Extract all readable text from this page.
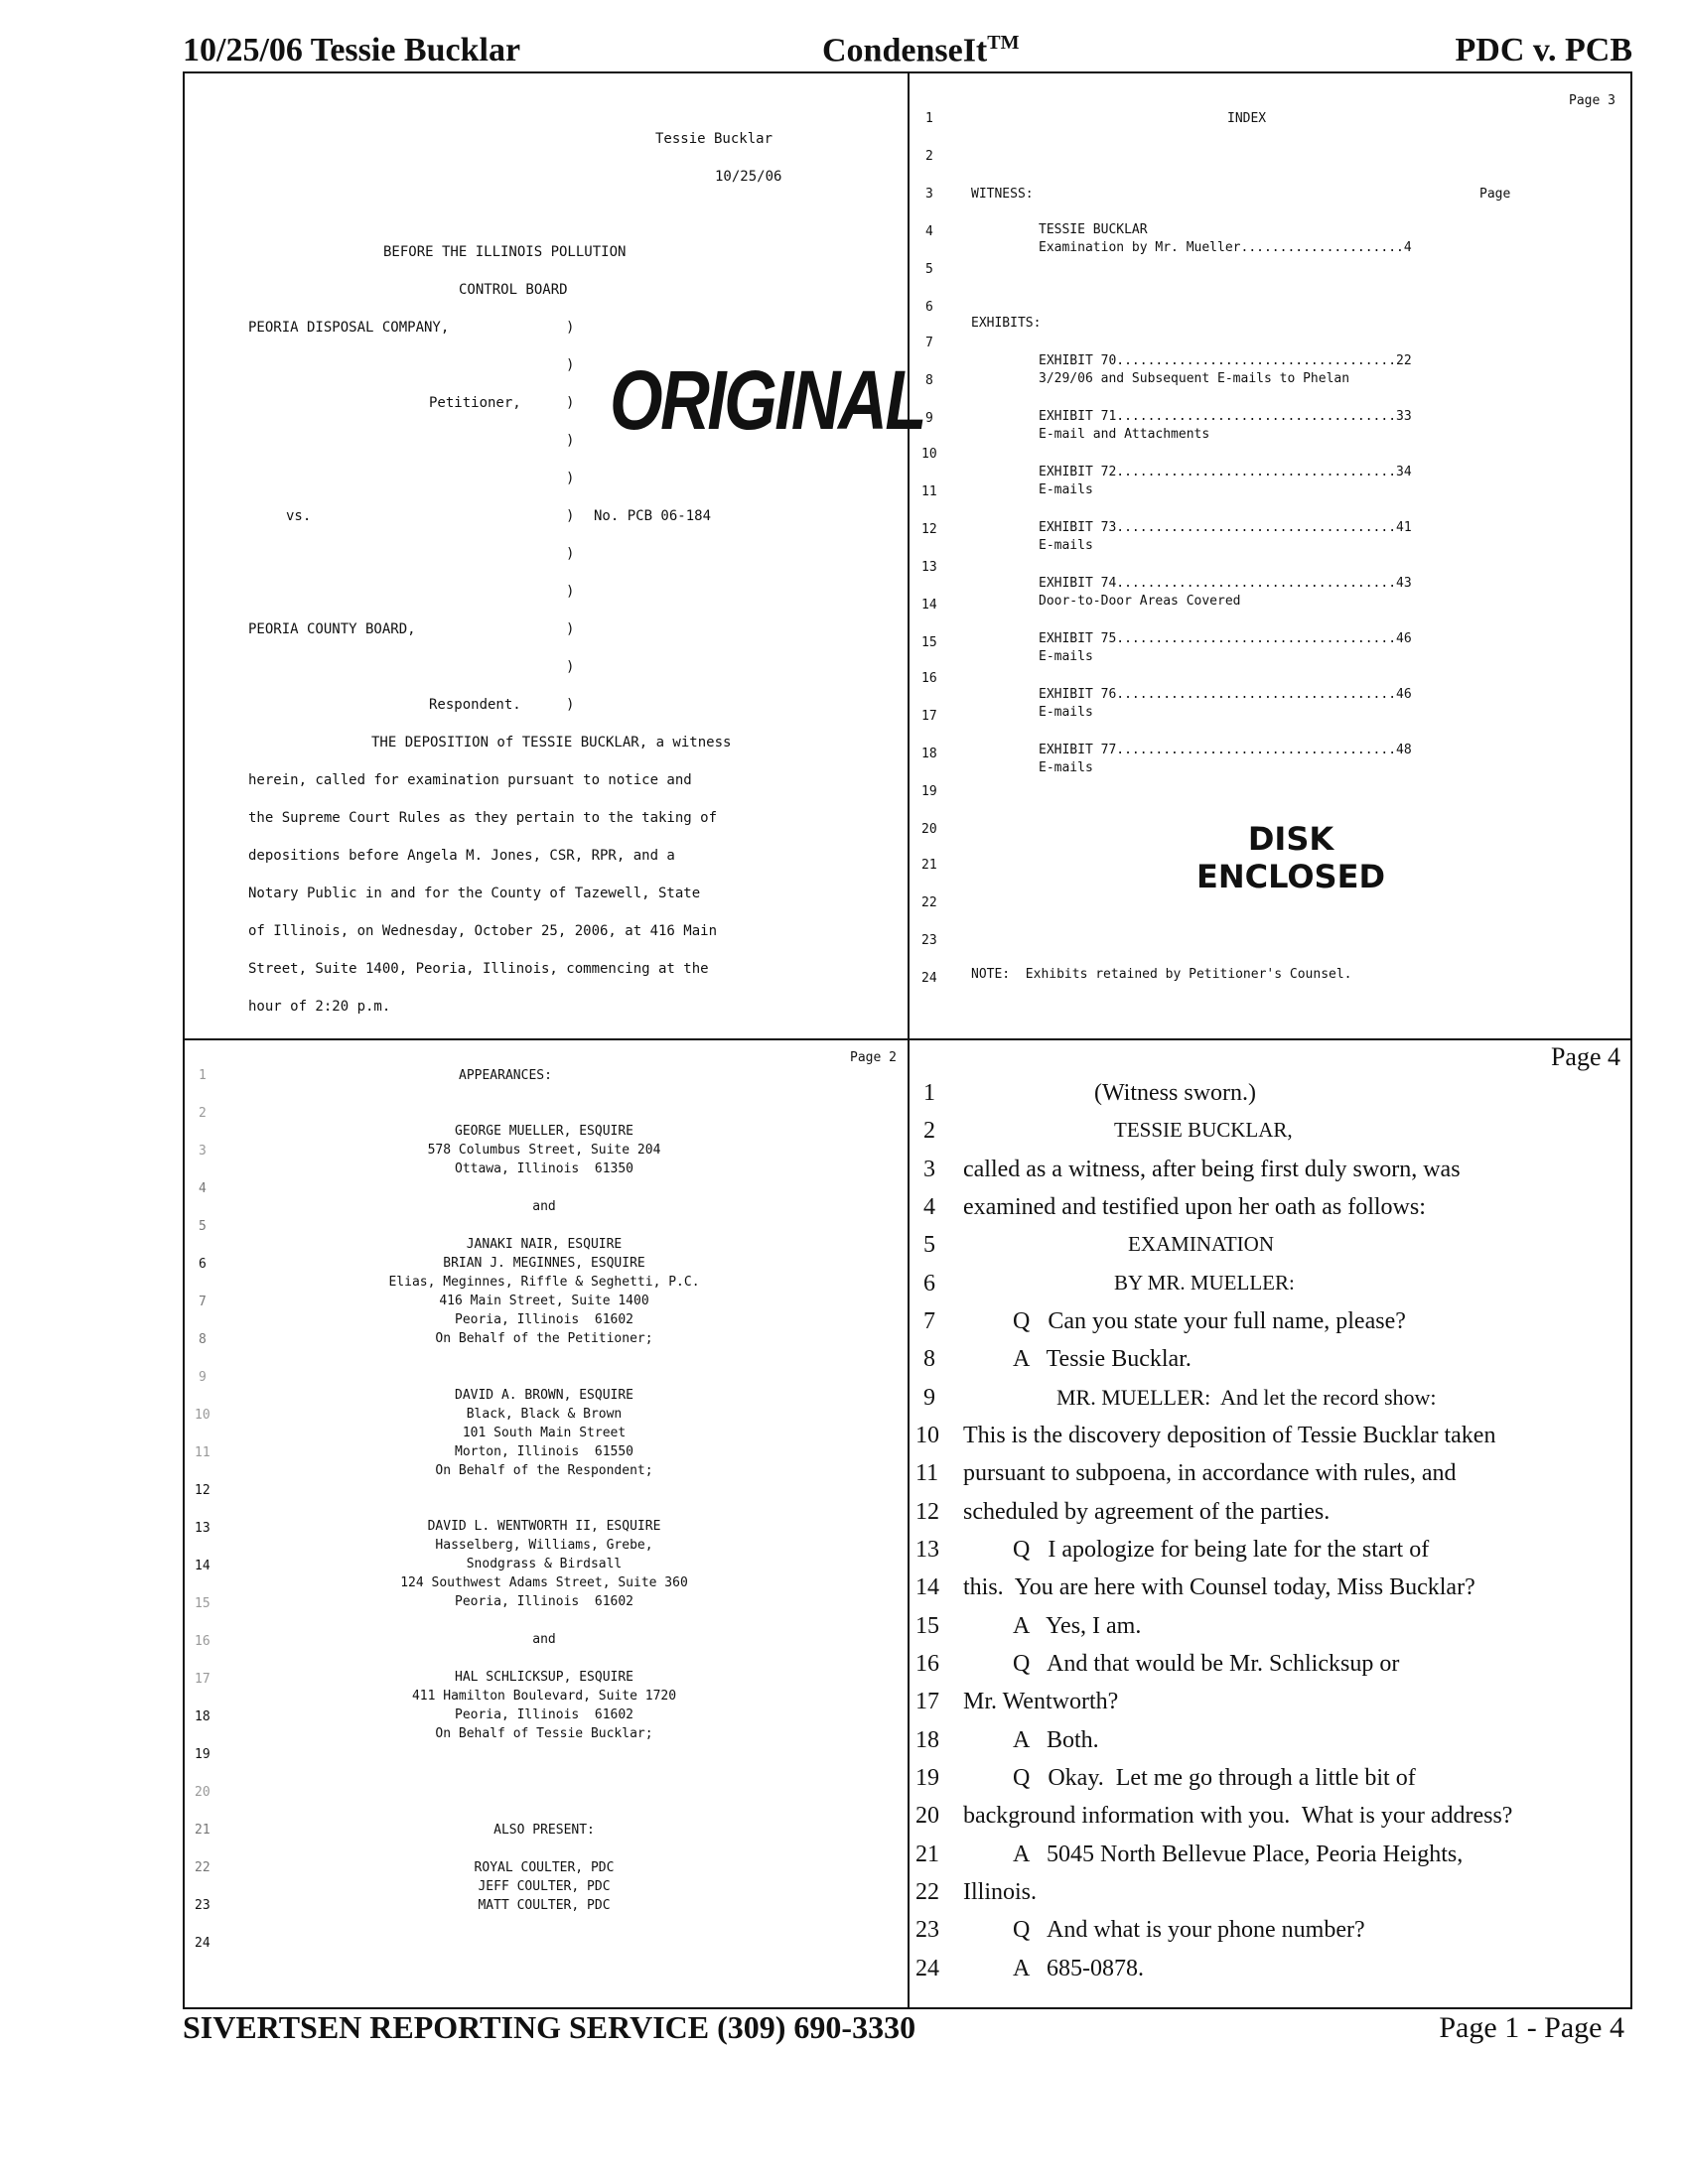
10/25/06 Tessie Bucklar	CondenseIt™	PDC v. PCB
Tessie Bucklar
10/25/06
BEFORE THE ILLINOIS POLLUTION
CONTROL BOARD
PEORIA DISPOSAL COMPANY,
Petitioner,
vs.	No. PCB 06-184
PEORIA COUNTY BOARD,
Respondent.
)
)
)
)
)
)
)
)
)
)
)
ORIGINAL
THE DEPOSITION of TESSIE BUCKLAR, a witness
herein, called for examination pursuant to notice and
the Supreme Court Rules as they pertain to the taking of
depositions before Angela M. Jones, CSR, RPR, and a
Notary Public in and for the County of Tazewell, State
of Illinois, on Wednesday, October 25, 2006, at 416 Main
Street, Suite 1400, Peoria, Illinois, commencing at the
hour of 2:20 p.m.
Page 3
INDEX
1
2
3
4
5
6
7
8
9
10
11
12
13
14
15
16
17
18
19
20
21
22
23
24
WITNESS:	Page
TESSIE BUCKLAR
Examination by Mr. Mueller.....................4
EXHIBITS:
EXHIBIT 70....................................22
3/29/06 and Subsequent E-mails to Phelan
EXHIBIT 71....................................33
E-mail and Attachments
EXHIBIT 72....................................34
E-mails
EXHIBIT 73....................................41
E-mails
EXHIBIT 74....................................43
Door-to-Door Areas Covered
EXHIBIT 75....................................46
E-mails
EXHIBIT 76....................................46
E-mails
EXHIBIT 77....................................48
E-mails
DISK
ENCLOSED
NOTE:  Exhibits retained by Petitioner's Counsel.
Page 2
APPEARANCES:
1
2
3
4
5
6
7
8
9
10
11
12
13
14
15
16
17
18
19
20
21
22
23
24
GEORGE MUELLER, ESQUIRE
578 Columbus Street, Suite 204
Ottawa, Illinois  61350
and
JANAKI NAIR, ESQUIRE
BRIAN J. MEGINNES, ESQUIRE
Elias, Meginnes, Riffle & Seghetti, P.C.
416 Main Street, Suite 1400
Peoria, Illinois  61602
On Behalf of the Petitioner;
DAVID A. BROWN, ESQUIRE
Black, Black & Brown
101 South Main Street
Morton, Illinois  61550
On Behalf of the Respondent;
DAVID L. WENTWORTH II, ESQUIRE
Hasselberg, Williams, Grebe,
Snodgrass & Birdsall
124 Southwest Adams Street, Suite 360
Peoria, Illinois  61602
and
HAL SCHLICKSUP, ESQUIRE
411 Hamilton Boulevard, Suite 1720
Peoria, Illinois  61602
On Behalf of Tessie Bucklar;
ALSO PRESENT:
ROYAL COULTER, PDC
JEFF COULTER, PDC
MATT COULTER, PDC
Page 4
1
2
3
4
5
6
7
8
9
10
11
12
13
14
15
16
17
18
19
20
21
22
23
24
(Witness sworn.)
TESSIE BUCKLAR,
called as a witness, after being first duly sworn, was
examined and testified upon her oath as follows:
EXAMINATION
BY MR. MUELLER:
Q   Can you state your full name, please?
A   Tessie Bucklar.
MR. MUELLER:  And let the record show:
This is the discovery deposition of Tessie Bucklar taken
pursuant to subpoena, in accordance with rules, and
scheduled by agreement of the parties.
Q   I apologize for being late for the start of
this.  You are here with Counsel today, Miss Bucklar?
A   Yes, I am.
Q   And that would be Mr. Schlicksup or
Mr. Wentworth?
A   Both.
Q   Okay.  Let me go through a little bit of
background information with you.  What is your address?
A   5045 North Bellevue Place, Peoria Heights,
Illinois.
Q   And what is your phone number?
A   685-0878.
SIVERTSEN REPORTING SERVICE (309) 690-3330	Page 1 - Page 4
